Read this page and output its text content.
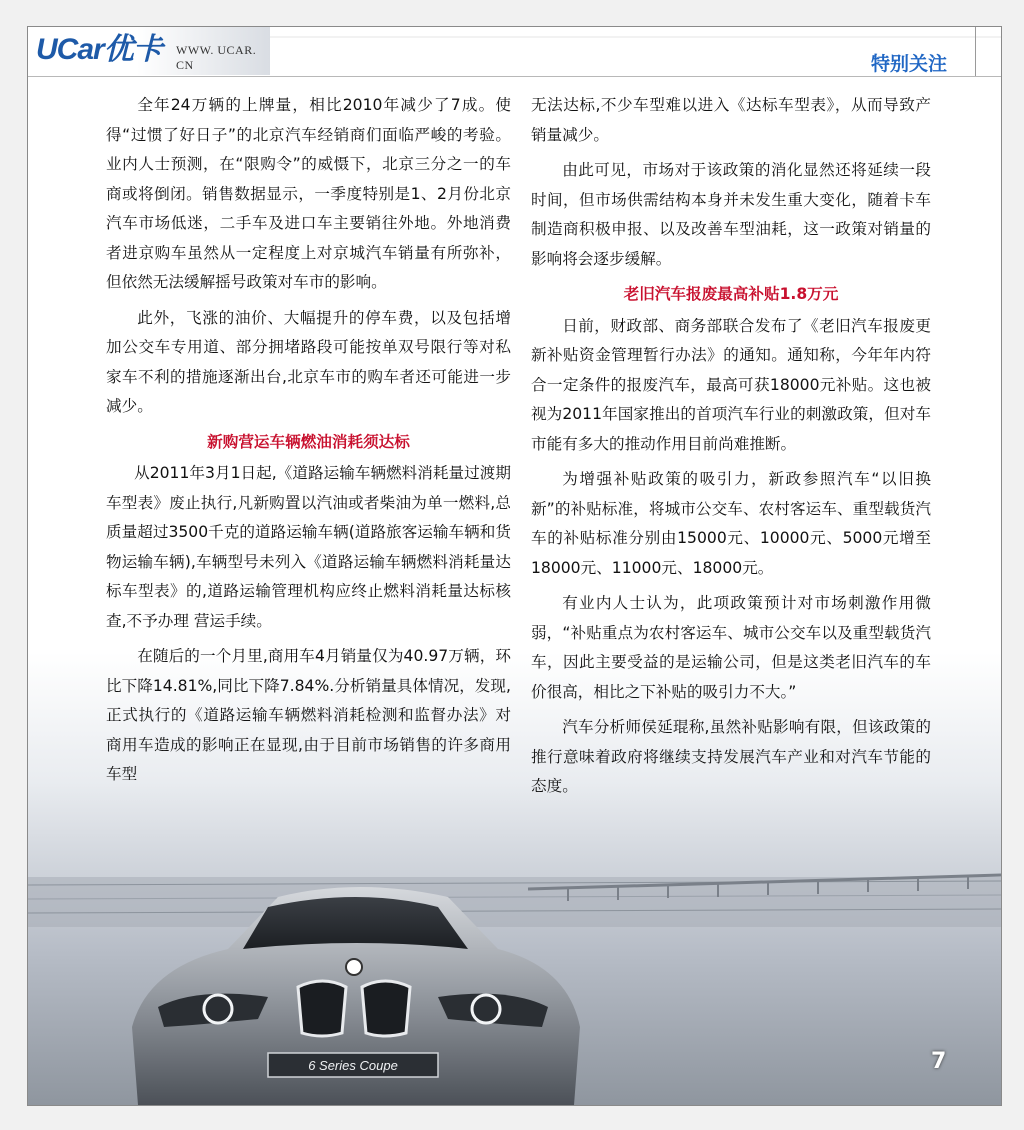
UCar优卡 WWW. UCAR. CN	特别关注

全年24万辆的上牌量，相比2010年减少了7成。使得“过惯了好日子”的北京汽车经销商们面临严峻的考验。业内人士预测，在“限购令”的威慑下，北京三分之一的车商或将倒闭。销售数据显示，一季度特别是1、2月份北京汽车市场低迷，二手车及进口车主要销往外地。外地消费者进京购车虽然从一定程度上对京城汽车销量有所弥补，但依然无法缓解摇号政策对车市的影响。

此外，飞涨的油价、大幅提升的停车费，以及包括增加公交车专用道、部分拥堵路段可能按单双号限行等对私家车不利的措施逐渐出台,北京车市的购车者还可能进一步减少。

新购营运车辆燃油消耗须达标

从2011年3月1日起,《道路运输车辆燃料消耗量过渡期车型表》废止执行,凡新购置以汽油或者柴油为单一燃料,总质量超过3500千克的道路运输车辆(道路旅客运输车辆和货物运输车辆),车辆型号未列入《道路运输车辆燃料消耗量达标车型表》的,道路运输管理机构应终止燃料消耗量达标核查,不予办理 营运手续。

在随后的一个月里,商用车4月销量仅为40.97万辆，环比下降14.81%,同比下降7.84%.分析销量具体情况，发现,正式执行的《道路运输车辆燃料消耗检测和监督办法》对商用车造成的影响正在显现,由于目前市场销售的许多商用车型

无法达标,不少车型难以进入《达标车型表》，从而导致产销量减少。

由此可见，市场对于该政策的消化显然还将延续一段时间，但市场供需结构本身并未发生重大变化，随着卡车制造商积极申报、以及改善车型油耗，这一政策对销量的影响将会逐步缓解。

老旧汽车报废最高补贴1.8万元

日前，财政部、商务部联合发布了《老旧汽车报废更新补贴资金管理暂行办法》的通知。通知称，今年年内符合一定条件的报废汽车，最高可获18000元补贴。这也被视为2011年国家推出的首项汽车行业的刺激政策，但对车市能有多大的推动作用目前尚难推断。

为增强补贴政策的吸引力，新政参照汽车“以旧换新”的补贴标准，将城市公交车、农村客运车、重型载货汽车的补贴标准分别由15000元、10000元、5000元增至18000元、11000元、18000元。

有业内人士认为，此项政策预计对市场刺激作用微弱，“补贴重点为农村客运车、城市公交车以及重型载货汽车，因此主要受益的是运输公司，但是这类老旧汽车的车价很高，相比之下补贴的吸引力不大。”

汽车分析师侯延琨称,虽然补贴影响有限，但该政策的推行意味着政府将继续支持发展汽车产业和对汽车节能的态度。

6 Series Coupe	7
